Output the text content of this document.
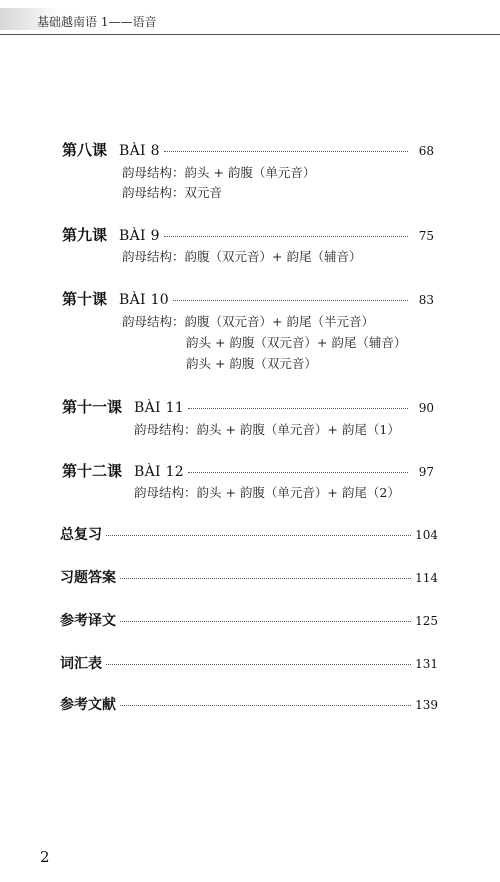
基础越南语 1——语音
第八课 BÀI 8	68
韵母结构：韵头 + 韵腹（单元音）
韵母结构：双元音
第九课 BÀI 9	75
韵母结构：韵腹（双元音）+ 韵尾（辅音）
第十课 BÀI 10	83
韵母结构：韵腹（双元音）+ 韵尾（半元音）
韵头 + 韵腹（双元音）+ 韵尾（辅音）
韵头 + 韵腹（双元音）
第十一课 BÀI 11	90
韵母结构：韵头 + 韵腹（单元音）+ 韵尾（1）
第十二课 BÀI 12	97
韵母结构：韵头 + 韵腹（单元音）+ 韵尾（2）
总复习	104
习题答案	114
参考译文	125
词汇表	131
参考文献	139
2
